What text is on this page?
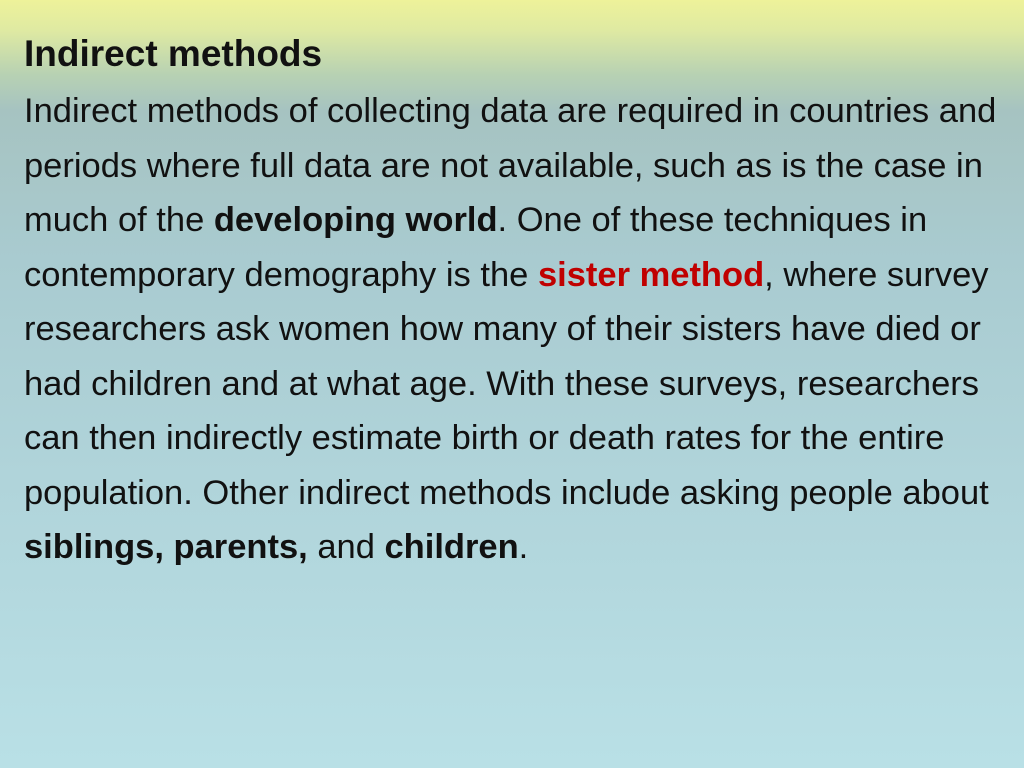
Indirect methods

Indirect methods of collecting data are required in countries and periods where full data are not available, such as is the case in much of the developing world. One of these techniques in contemporary demography is the sister method, where survey researchers ask women how many of their sisters have died or had children and at what age. With these surveys, researchers can then indirectly estimate birth or death rates for the entire population. Other indirect methods include asking people about siblings, parents, and children.
